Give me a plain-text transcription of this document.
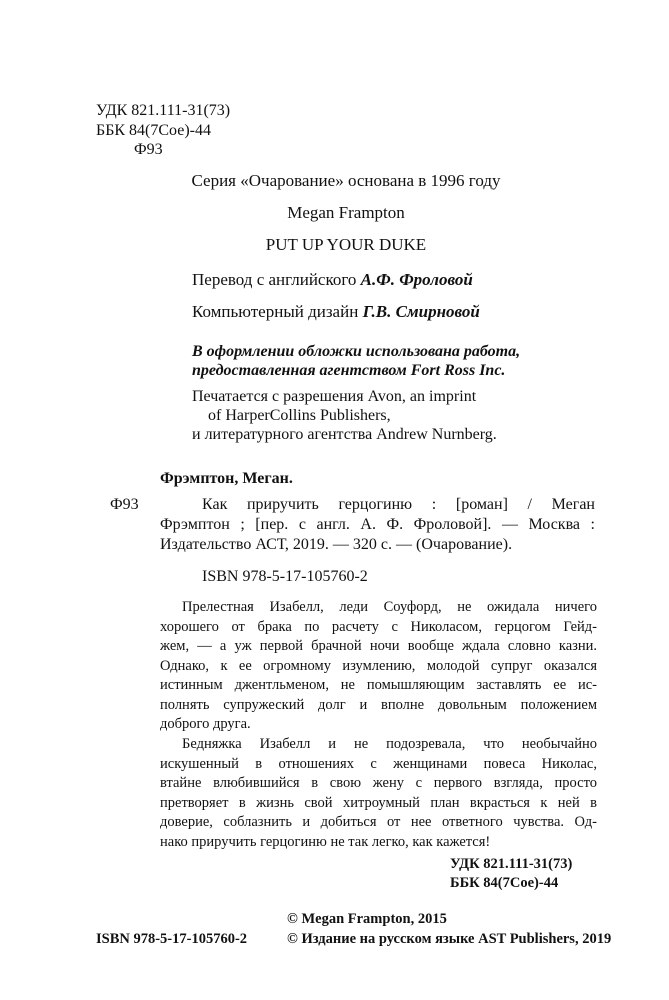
УДК 821.111-31(73)
ББК 84(7Сое)-44
Ф93
Серия «Очарование» основана в 1996 году
Megan Frampton
PUT UP YOUR DUKE
Перевод с английского А.Ф. Фроловой
Компьютерный дизайн Г.В. Смирновой
В оформлении обложки использована работа,
предоставленная агентством Fort Ross Inc.
Печатается с разрешения Avon, an imprint
of HarperCollins Publishers,
и литературного агентства Andrew Nurnberg.
Фрэмптон, Меган.
Ф93	Как приручить герцогиню : [роман] / Меган
Фрэмптон ; [пер. с англ. А. Ф. Фроловой]. — Москва :
Издательство АСТ, 2019. — 320 с. — (Очарование).
ISBN 978-5-17-105760-2
Прелестная Изабелл, леди Соуфорд, не ожидала ничего
хорошего от брака по расчету с Николасом, герцогом Гейд-
жем, — а уж первой брачной ночи вообще ждала словно казни.
Однако, к ее огромному изумлению, молодой супруг оказался
истинным джентльменом, не помышляющим заставлять ее ис-
полнять супружеский долг и вполне довольным положением
доброго друга.
Бедняжка Изабелл и не подозревала, что необычайно
искушенный в отношениях с женщинами повеса Николас,
втайне влюбившийся в свою жену с первого взгляда, просто
претворяет в жизнь свой хитроумный план вкрасться к ней в
доверие, соблазнить и добиться от нее ответного чувства. Од-
нако приручить герцогиню не так легко, как кажется!
УДК 821.111-31(73)
ББК 84(7Сое)-44
© Megan Frampton, 2015
ISBN 978-5-17-105760-2	© Издание на русском языке AST Publishers, 2019
